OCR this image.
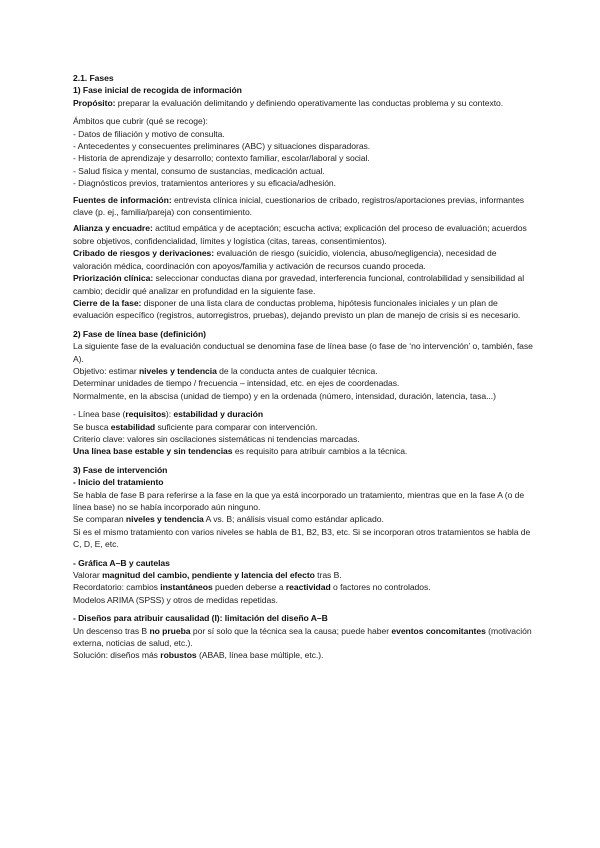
2.1. Fases

1) Fase inicial de recogida de información

Propósito: preparar la evaluación delimitando y definiendo operativamente las conductas problema y su contexto.

Ámbitos que cubrir (qué se recoge):

- Datos de filiación y motivo de consulta.

- Antecedentes y consecuentes preliminares (ABC) y situaciones disparadoras.

- Historia de aprendizaje y desarrollo; contexto familiar, escolar/laboral y social.

- Salud física y mental, consumo de sustancias, medicación actual.

- Diagnósticos previos, tratamientos anteriores y su eficacia/adhesión.

Fuentes de información: entrevista clínica inicial, cuestionarios de cribado, registros/aportaciones previas, informantes clave (p. ej., familia/pareja) con consentimiento.

Alianza y encuadre: actitud empática y de aceptación; escucha activa; explicación del proceso de evaluación; acuerdos sobre objetivos, confidencialidad, límites y logística (citas, tareas, consentimientos).

Cribado de riesgos y derivaciones: evaluación de riesgo (suicidio, violencia, abuso/negligencia), necesidad de valoración médica, coordinación con apoyos/familia y activación de recursos cuando proceda.

Priorización clínica: seleccionar conductas diana por gravedad, interferencia funcional, controlabilidad y sensibilidad al cambio; decidir qué analizar en profundidad en la siguiente fase.

Cierre de la fase: disponer de una lista clara de conductas problema, hipótesis funcionales iniciales y un plan de evaluación específico (registros, autorregistros, pruebas), dejando previsto un plan de manejo de crisis si es necesario.

2) Fase de línea base (definición)

La siguiente fase de la evaluación conductual se denomina fase de línea base (o fase de ‘no intervención’ o, también, fase A).

Objetivo: estimar niveles y tendencia de la conducta antes de cualquier técnica.

Determinar unidades de tiempo / frecuencia – intensidad, etc. en ejes de coordenadas.

Normalmente, en la abscisa (unidad de tiempo) y en la ordenada (número, intensidad, duración, latencia, tasa...)

- Línea base (requisitos): estabilidad y duración

Se busca estabilidad suficiente para comparar con intervención.

Criterio clave: valores sin oscilaciones sistemáticas ni tendencias marcadas.

Una línea base estable y sin tendencias es requisito para atribuir cambios a la técnica.

3) Fase de intervención

- Inicio del tratamiento

Se habla de fase B para referirse a la fase en la que ya está incorporado un tratamiento, mientras que en la fase A (o de línea base) no se había incorporado aún ninguno.

Se comparan niveles y tendencia A vs. B; análisis visual como estándar aplicado.

Si es el mismo tratamiento con varios niveles se habla de B1, B2, B3, etc. Si se incorporan otros tratamientos se habla de C, D, E, etc.

- Gráfica A–B y cautelas

Valorar magnitud del cambio, pendiente y latencia del efecto tras B.

Recordatorio: cambios instantáneos pueden deberse a reactividad o factores no controlados.

Modelos ARIMA (SPSS) y otros de medidas repetidas.

- Diseños para atribuir causalidad (I): limitación del diseño A–B

Un descenso tras B no prueba por sí solo que la técnica sea la causa; puede haber eventos concomitantes (motivación externa, noticias de salud, etc.).

Solución: diseños más robustos (ABAB, línea base múltiple, etc.).
